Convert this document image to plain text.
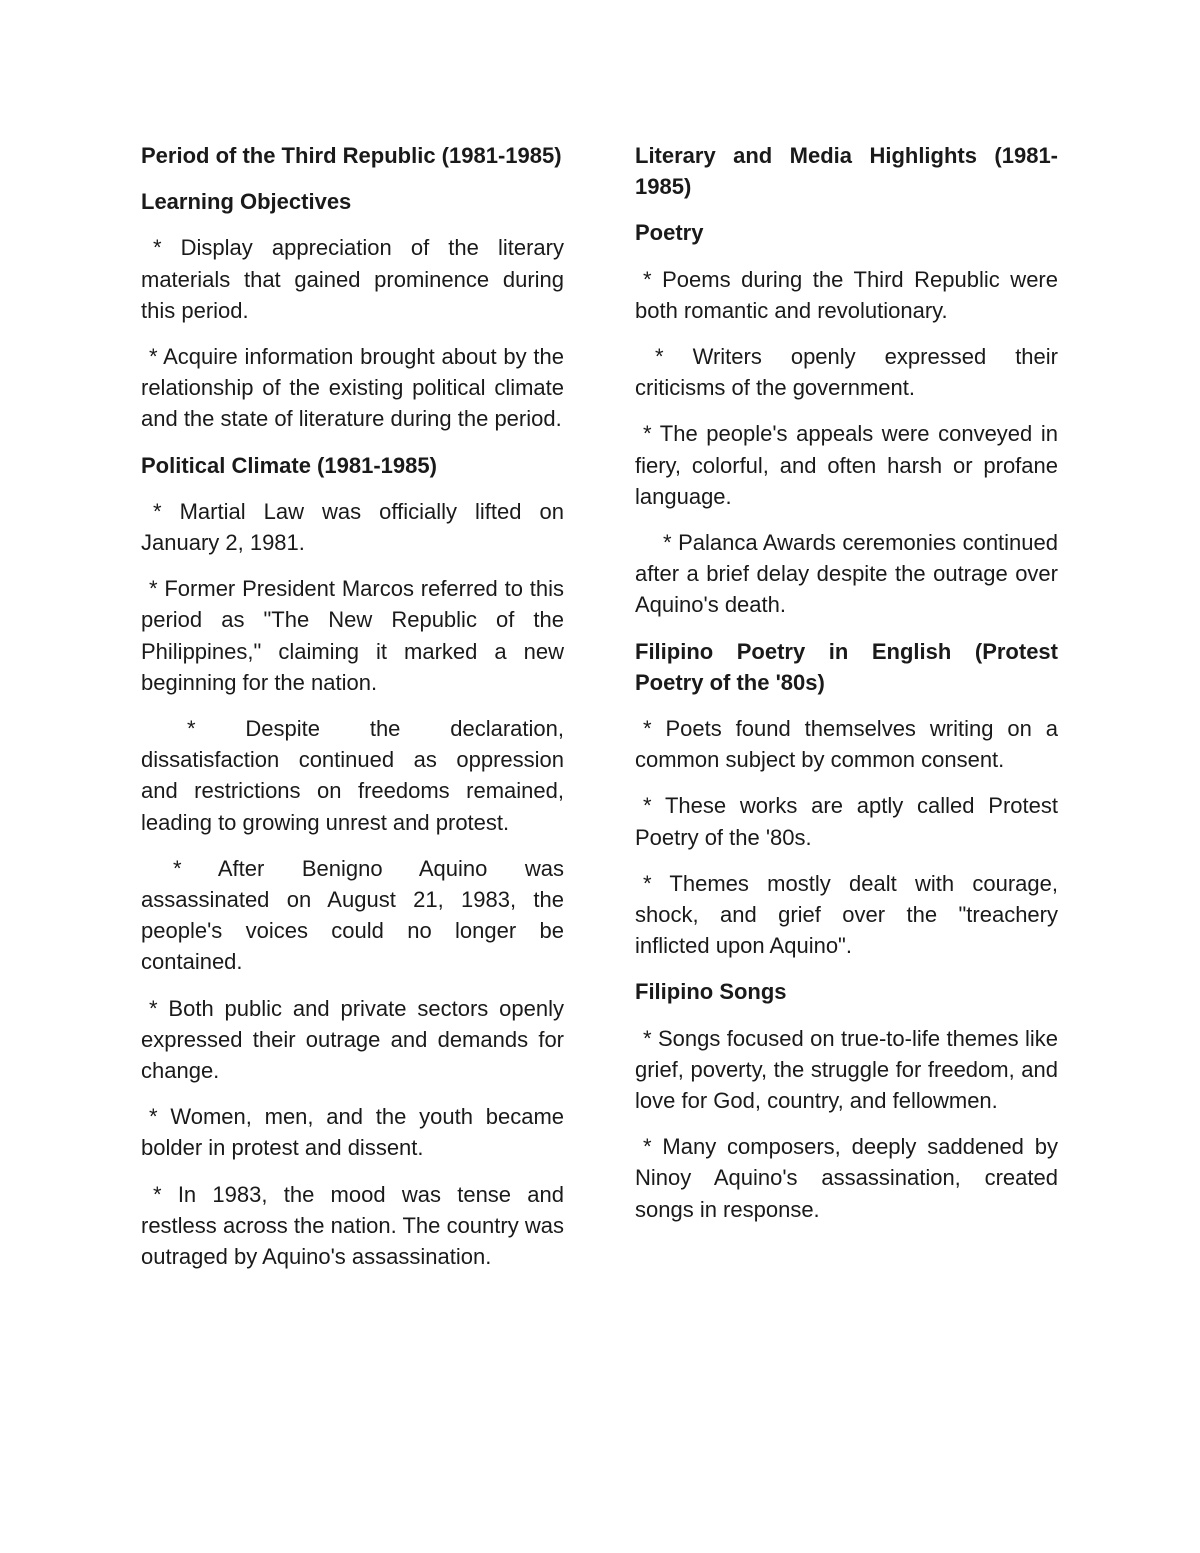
Period of the Third Republic (1981-1985)
Learning Objectives

* Display appreciation of the literary materials that gained prominence during this period.

* Acquire information brought about by the relationship of the existing political climate and the state of literature during the period.

Political Climate (1981-1985)

* Martial Law was officially lifted on January 2, 1981.

* Former President Marcos referred to this period as "The New Republic of the Philippines," claiming it marked a new beginning for the nation.

* Despite the declaration, dissatisfaction continued as oppression and restrictions on freedoms remained, leading to growing unrest and protest.

* After Benigno Aquino was assassinated on August 21, 1983, the people's voices could no longer be contained.

* Both public and private sectors openly expressed their outrage and demands for change.

* Women, men, and the youth became bolder in protest and dissent.

* In 1983, the mood was tense and restless across the nation. The country was outraged by Aquino's assassination.

Literary and Media Highlights (1981-1985)
Poetry

* Poems during the Third Republic were both romantic and revolutionary.

* Writers openly expressed their criticisms of the government.

* The people's appeals were conveyed in fiery, colorful, and often harsh or profane language.

* Palanca Awards ceremonies continued after a brief delay despite the outrage over Aquino's death.

Filipino Poetry in English (Protest Poetry of the '80s)

* Poets found themselves writing on a common subject by common consent.

* These works are aptly called Protest Poetry of the '80s.

* Themes mostly dealt with courage, shock, and grief over the "treachery inflicted upon Aquino".

Filipino Songs

* Songs focused on true-to-life themes like grief, poverty, the struggle for freedom, and love for God, country, and fellowmen.

* Many composers, deeply saddened by Ninoy Aquino's assassination, created songs in response.
